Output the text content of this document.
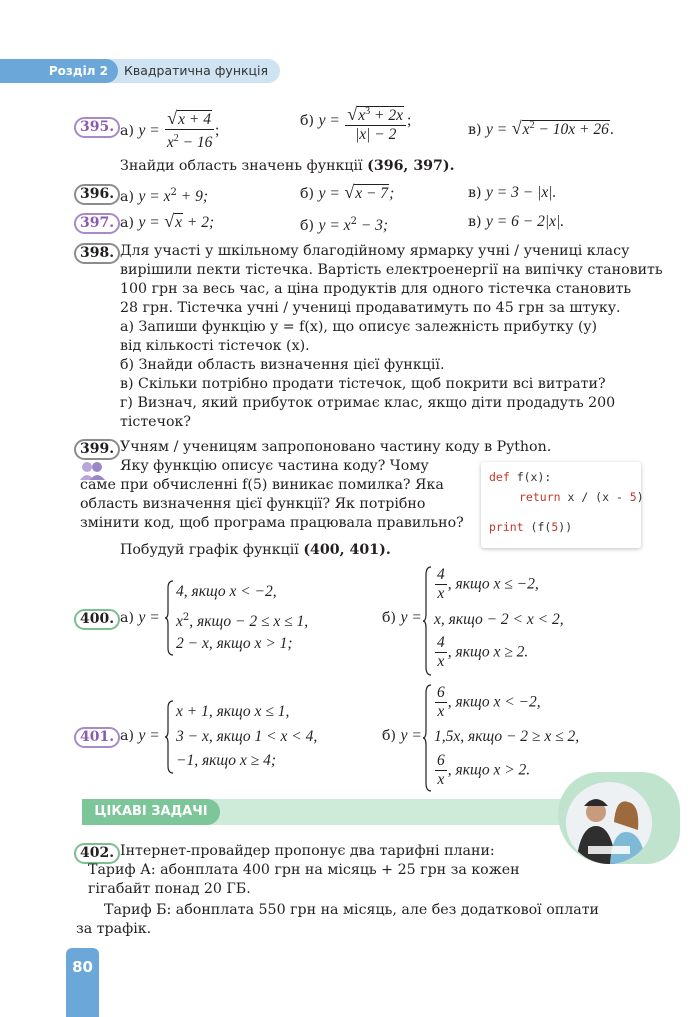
Розділ 2	Квадратична функція
395. а) $y = \frac{√x + 4}{x^2 - 16}$ ;
б) $y = \frac{√x^3 + 2x}{|x| - 2}$ ;
в) $y = √x^2 - 10x + 26$.
Знайди область значень функції (396, 397).
396. а) $y = x^2 + 9$;	б) y = √x − 7;	в) y = 3 − |x|.
397. а) y = √x + 2;	б) $y = x^2 - 3$;	в) y = 6 − 2|x|.
398. Для участі у шкільному благодійному ярмарку учні / учениці класу
вирішили пекти тістечка. Вартість електроенергії на випічку становить
100 грн за весь час, а ціна продуктів для одного тістечка становить
28 грн. Тістечка учні / учениці продаватимуть по 45 грн за штуку.
а) Запиши функцію y = f(x), що описує залежність прибутку (y)
від кількості тістечок (x).
б) Знайди область визначення цієї функції.
в) Скільки потрібно продати тістечок, щоб покрити всі витрати?
г) Визнач, який прибуток отримає клас, якщо діти продадуть 200
тістечок?
399. Учням / ученицям запропоновано частину коду в Python.
Яку функцію описує частина коду? Чому
саме при обчисленні f(5) виникає помилка? Яка
область визначення цієї функції? Як потрібно
змінити код, щоб програма працювала правильно?
def f(x):
return x / (x - 5)
print (f(5))
Побудуй графік функції (400, 401).
400. а) y =
4, якщо x < −2,
$x^2$, якщо − 2 ≤ x ≤ 1,
2 − x, якщо x > 1;
б) y =
$\frac{4}{x}$ , якщо x ≤ −2,
x, якщо − 2 < x < 2,
$\frac{4}{x}$ , якщо x ≥ 2.
401. а) y =
x + 1, якщо x ≤ 1,
3 − x, якщо 1 < x < 4,
−1, якщо x ≥ 4;
б) y =
$\frac{6}{x}$ , якщо x < −2,
1,5x, якщо − 2 ≥ x ≤ 2,
$\frac{6}{x}$ , якщо x > 2.
ЦІКАВІ ЗАДАЧІ
402. Інтернет-провайдер пропонує два тарифні плани:
Тариф А: абонплата 400 грн на місяць + 25 грн за кожен
гігабайт понад 20 ГБ.
Тариф Б: абонплата 550 грн на місяць, але без додаткової оплати
за трафік.
80
